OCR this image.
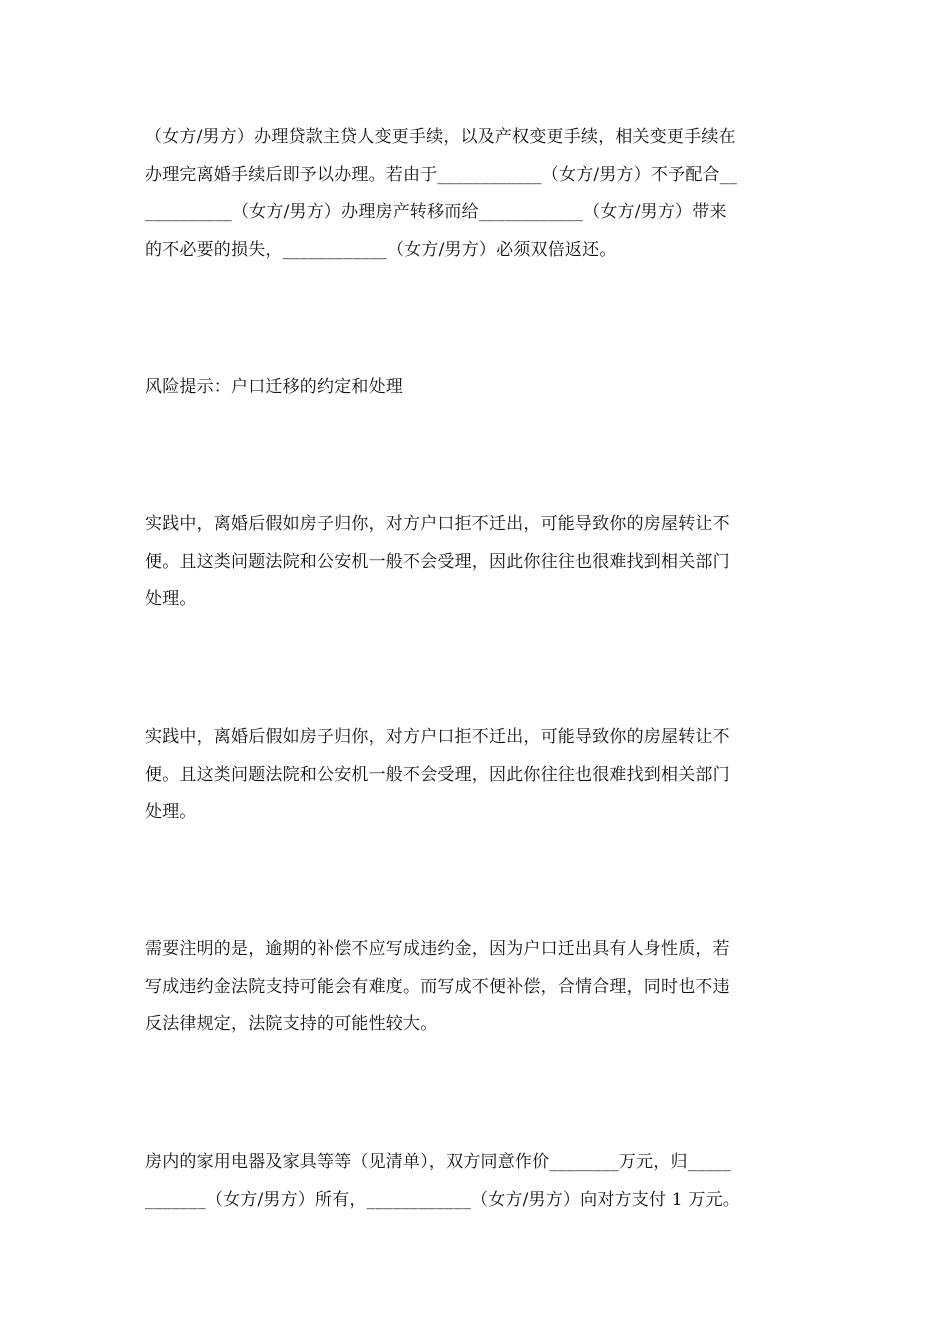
（女方/男方）办理贷款主贷人变更手续，以及产权变更手续，相关变更手续在
办理完离婚手续后即予以办理。若由于____________（女方/男方）不予配合__
__________（女方/男方）办理房产转移而给____________（女方/男方）带来
的不必要的损失，____________（女方/男方）必须双倍返还。

风险提示：户口迁移的约定和处理

实践中，离婚后假如房子归你，对方户口拒不迁出，可能导致你的房屋转让不
便。且这类问题法院和公安机一般不会受理，因此你往往也很难找到相关部门
处理。

实践中，离婚后假如房子归你，对方户口拒不迁出，可能导致你的房屋转让不
便。且这类问题法院和公安机一般不会受理，因此你往往也很难找到相关部门
处理。

需要注明的是，逾期的补偿不应写成违约金，因为户口迁出具有人身性质，若
写成违约金法院支持可能会有难度。而写成不便补偿，合情合理，同时也不违
反法律规定，法院支持的可能性较大。

房内的家用电器及家具等等（见清单），双方同意作价________万元，归_____
_______（女方/男方）所有，____________（女方/男方）向对方支付 1 万元。
